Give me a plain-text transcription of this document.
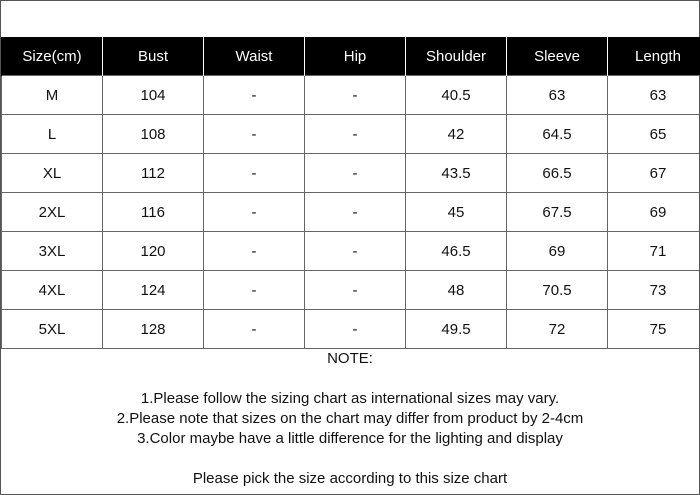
Size(cm)	Bust	Waist	Hip	Shoulder	Sleeve	Length
M	104	-	-	40.5	63	63
L	108	-	-	42	64.5	65
XL	112	-	-	43.5	66.5	67
2XL	116	-	-	45	67.5	69
3XL	120	-	-	46.5	69	71
4XL	124	-	-	48	70.5	73
5XL	128	-	-	49.5	72	75
NOTE:
1.Please follow the sizing chart as international sizes may vary.
2.Please note that sizes on the chart may differ from product by 2-4cm
3.Color maybe have a little difference for the lighting and display
Please pick the size according to this size chart
